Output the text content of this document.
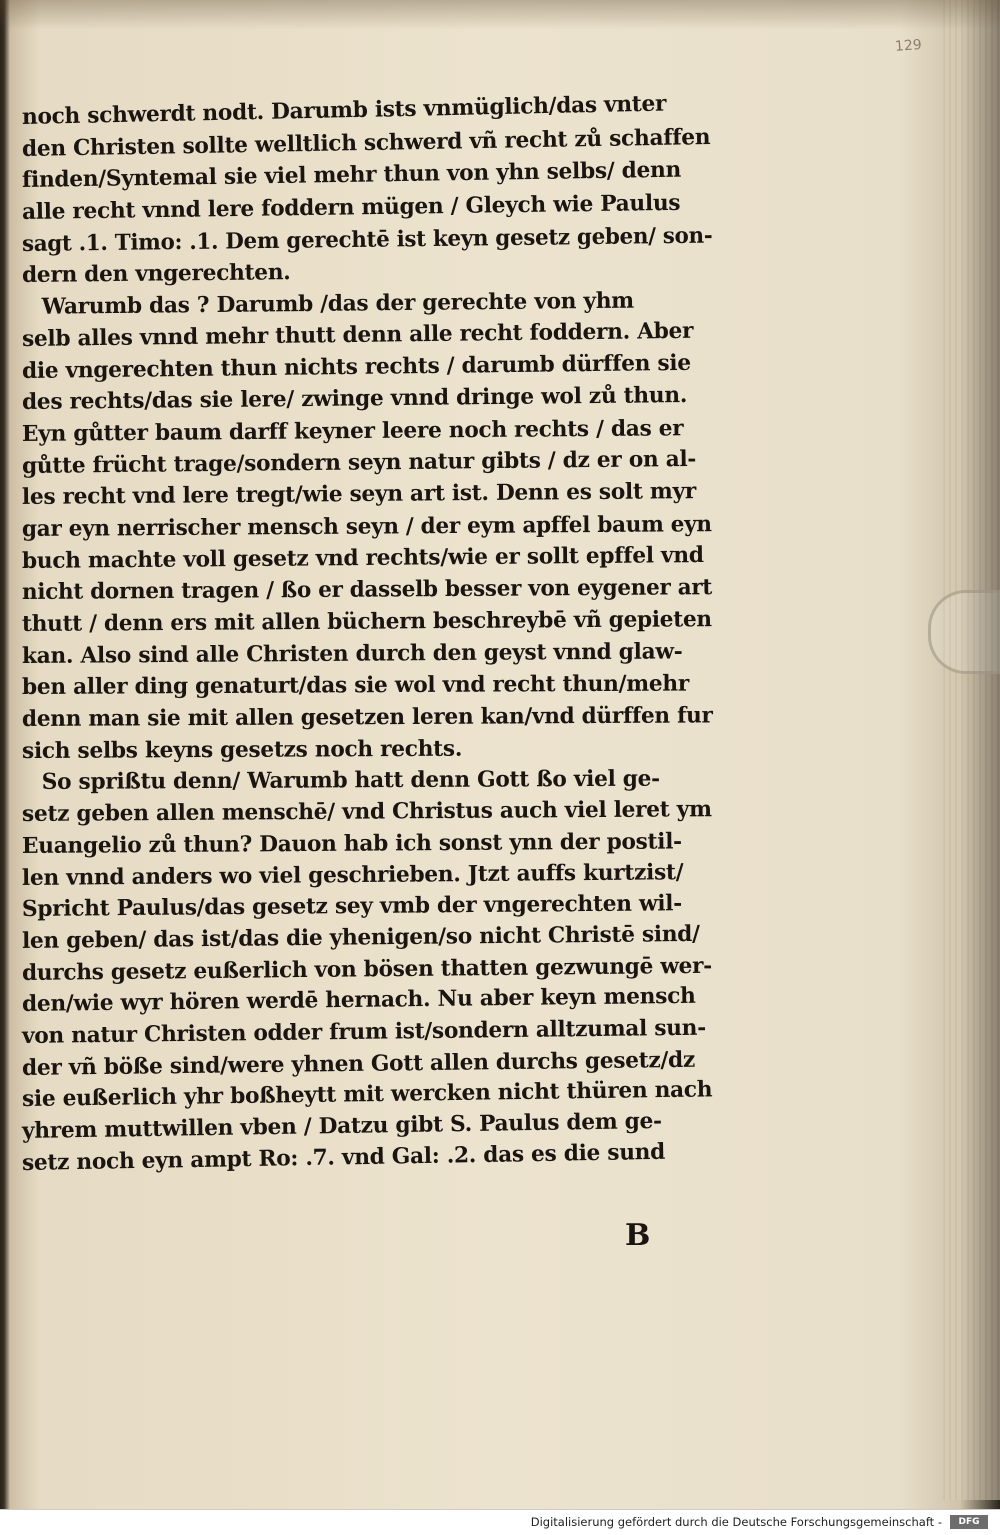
129
noch schwerdt nodt. Darumb ists vnmüglich/das vnter
den Christen sollte welltlich schwerd vñ recht zů schaffen
finden/Syntemal sie viel mehr thun von yhn selbs/ denn
alle recht vnnd lere foddern mügen / Gleych wie Paulus
sagt .1. Timo: .1. Dem gerechtē ist keyn gesetz geben/ son-
dern den vngerechten.
Warumb das ? Darumb /das der gerechte von yhm
selb alles vnnd mehr thutt denn alle recht foddern. Aber
die vngerechten thun nichts rechts / darumb dürffen sie
des rechts/das sie lere/ zwinge vnnd dringe wol zů thun.
Eyn gůtter baum darff keyner leere noch rechts / das er
gůtte frücht trage/sondern seyn natur gibts / dz er on al-
les recht vnd lere tregt/wie seyn art ist. Denn es solt myr
gar eyn nerrischer mensch seyn / der eym apffel baum eyn
buch machte voll gesetz vnd rechts/wie er sollt epffel vnd
nicht dornen tragen / ßo er dasselb besser von eygener art
thutt / denn ers mit allen büchern beschreybē vñ gepieten
kan. Also sind alle Christen durch den geyst vnnd glaw-
ben aller ding genaturt/das sie wol vnd recht thun/mehr
denn man sie mit allen gesetzen leren kan/vnd dürffen fur
sich selbs keyns gesetzs noch rechts.
So sprißtu denn/ Warumb hatt denn Gott ßo viel ge-
setz geben allen menschē/ vnd Christus auch viel leret ym
Euangelio zů thun? Dauon hab ich sonst ynn der postil-
len vnnd anders wo viel geschrieben. Jtzt auffs kurtzist/
Spricht Paulus/das gesetz sey vmb der vngerechten wil-
len geben/ das ist/das die yhenigen/so nicht Christē sind/
durchs gesetz eußerlich von bösen thatten gezwungē wer-
den/wie wyr hören werdē hernach. Nu aber keyn mensch
von natur Christen odder frum ist/sondern alltzumal sun-
der vñ böße sind/were yhnen Gott allen durchs gesetz/dz
sie eußerlich yhr boßheytt mit wercken nicht thüren nach
yhrem muttwillen vben / Datzu gibt S. Paulus dem ge-
setz noch eyn ampt Ro: .7. vnd Gal: .2. das es die sund
B
Digitalisierung gefördert durch die Deutsche Forschungsgemeinschaft -	DFG
